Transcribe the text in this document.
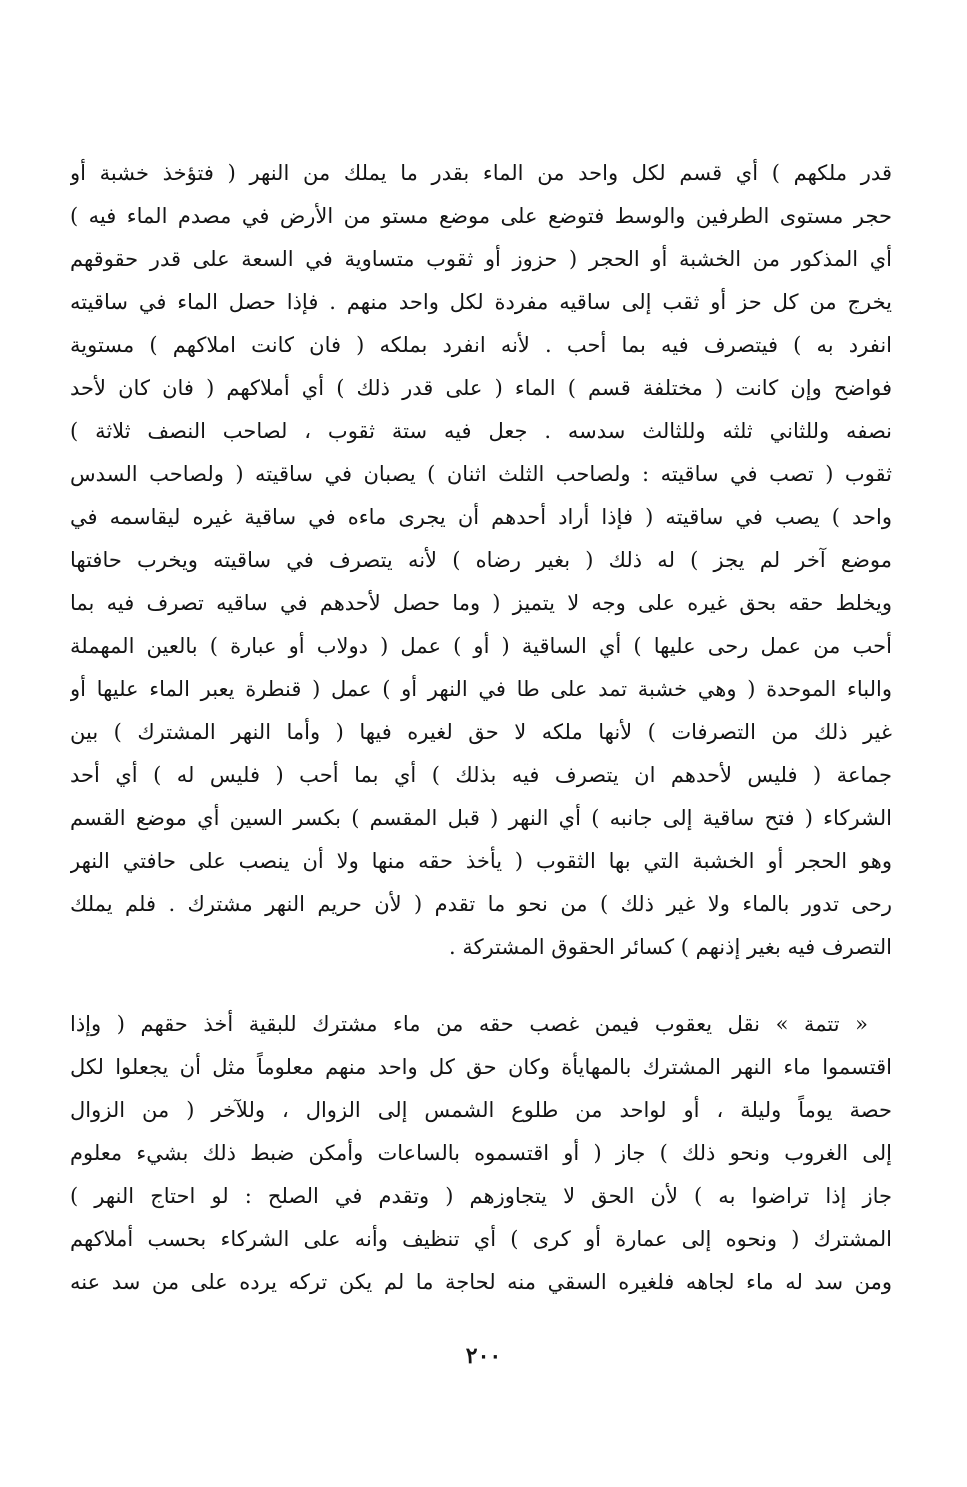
قدر ملكهم ) أي قسم لكل واحد من الماء بقدر ما يملك من النهر ( فتؤخذ خشبة أو
حجر مستوى الطرفين والوسط فتوضع على موضع مستو من الأرض في مصدم الماء فيه )
أي المذكور من الخشبة أو الحجر ( حزوز أو ثقوب متساوية في السعة على قدر حقوقهم
يخرج من كل حز أو ثقب إلى ساقيه مفردة لكل واحد منهم . فإذا حصل الماء في ساقيته
انفرد به ) فيتصرف فيه بما أحب . لأنه انفرد بملكه ( فان كانت املاكهم ) مستوية
فواضح وإن كانت ( مختلفة قسم ) الماء ( على قدر ذلك ) أي أملاكهم ( فان كان لأحد
نصفه وللثاني ثلثه وللثالث سدسه . جعل فيه ستة ثقوب ، لصاحب النصف ثلاثة )
ثقوب ( تصب في ساقيته : ولصاحب الثلث اثنان ) يصبان في ساقيته ( ولصاحب السدس
واحد ) يصب في ساقيته ( فإذا أراد أحدهم أن يجرى ماءه في ساقية غيره ليقاسمه في
موضع آخر لم يجز ) له ذلك ( بغير رضاه ) لأنه يتصرف في ساقيته ويخرب حافتها
ويخلط حقه بحق غيره على وجه لا يتميز ( وما حصل لأحدهم في ساقيه تصرف فيه بما
أحب من عمل رحى عليها ) أي الساقية ( أو ) عمل ( دولاب أو عبارة ) بالعين المهملة
والباء الموحدة ( وهي خشبة تمد على طا في النهر أو ) عمل ( قنطرة يعبر الماء عليها أو
غير ذلك من التصرفات ) لأنها ملكه لا حق لغيره فيها ( وأما النهر المشترك ) بين
جماعة ( فليس لأحدهم ان يتصرف فيه بذلك ) أي بما أحب ( فليس له ) أي أحد
الشركاء ( فتح ساقية إلى جانبه ) أي النهر ( قبل المقسم ) بكسر السين أي موضع القسم
وهو الحجر أو الخشبة التي بها الثقوب ( يأخذ حقه منها ولا أن ينصب على حافتي النهر
رحى تدور بالماء ولا غير ذلك ) من نحو ما تقدم ( لأن حريم النهر مشترك . فلم يملك
التصرف فيه بغير إذنهم ) كسائر الحقوق المشتركة .
« تتمة » نقل يعقوب فيمن غصب حقه من ماء مشترك للبقية أخذ حقهم ( وإذا
اقتسموا ماء النهر المشترك بالمهايأة وكان حق كل واحد منهم معلوماً مثل أن يجعلوا لكل
حصة يوماً وليلة ، أو لواحد من طلوع الشمس إلى الزوال ، وللآخر ( من الزوال
إلى الغروب ونحو ذلك ) جاز ( أو اقتسموه بالساعات وأمكن ضبط ذلك بشيء معلوم
جاز إذا تراضوا به ) لأن الحق لا يتجاوزهم ( وتقدم في الصلح : لو احتاج النهر )
المشترك ( ونحوه إلى عمارة أو كرى ) أي تنظيف وأنه على الشركاء بحسب أملاكهم
ومن سد له ماء لجاهه فلغيره السقي منه لحاجة ما لم يكن تركه يرده على من سد عنه
٢٠٠
